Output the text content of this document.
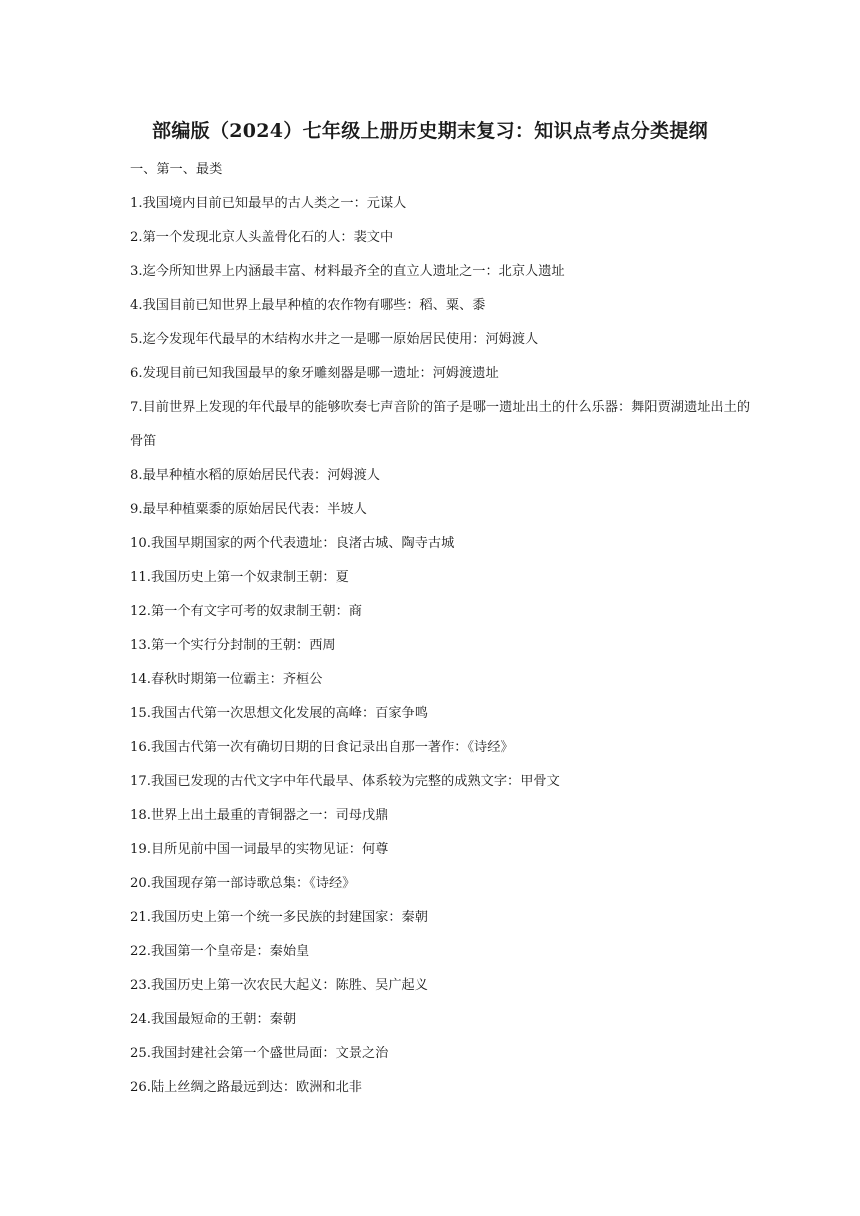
部编版（2024）七年级上册历史期末复习：知识点考点分类提纲
一、第一、最类
1.我国境内目前已知最早的古人类之一：元谋人
2.第一个发现北京人头盖骨化石的人：裴文中
3.迄今所知世界上内涵最丰富、材料最齐全的直立人遗址之一：北京人遗址
4.我国目前已知世界上最早种植的农作物有哪些：稻、粟、黍
5.迄今发现年代最早的木结构水井之一是哪一原始居民使用：河姆渡人
6.发现目前已知我国最早的象牙雕刻器是哪一遗址：河姆渡遗址
7.目前世界上发现的年代最早的能够吹奏七声音阶的笛子是哪一遗址出土的什么乐器：舞阳贾湖遗址出土的骨笛
8.最早种植水稻的原始居民代表：河姆渡人
9.最早种植粟黍的原始居民代表：半坡人
10.我国早期国家的两个代表遗址：良渚古城、陶寺古城
11.我国历史上第一个奴隶制王朝：夏
12.第一个有文字可考的奴隶制王朝：商
13.第一个实行分封制的王朝：西周
14.春秋时期第一位霸主：齐桓公
15.我国古代第一次思想文化发展的高峰：百家争鸣
16.我国古代第一次有确切日期的日食记录出自那一著作：《诗经》
17.我国已发现的古代文字中年代最早、体系较为完整的成熟文字：甲骨文
18.世界上出土最重的青铜器之一：司母戊鼎
19.目所见前中国一词最早的实物见证：何尊
20.我国现存第一部诗歌总集：《诗经》
21.我国历史上第一个统一多民族的封建国家：秦朝
22.我国第一个皇帝是：秦始皇
23.我国历史上第一次农民大起义：陈胜、吴广起义
24.我国最短命的王朝：秦朝
25.我国封建社会第一个盛世局面：文景之治
26.陆上丝绸之路最远到达：欧洲和北非
